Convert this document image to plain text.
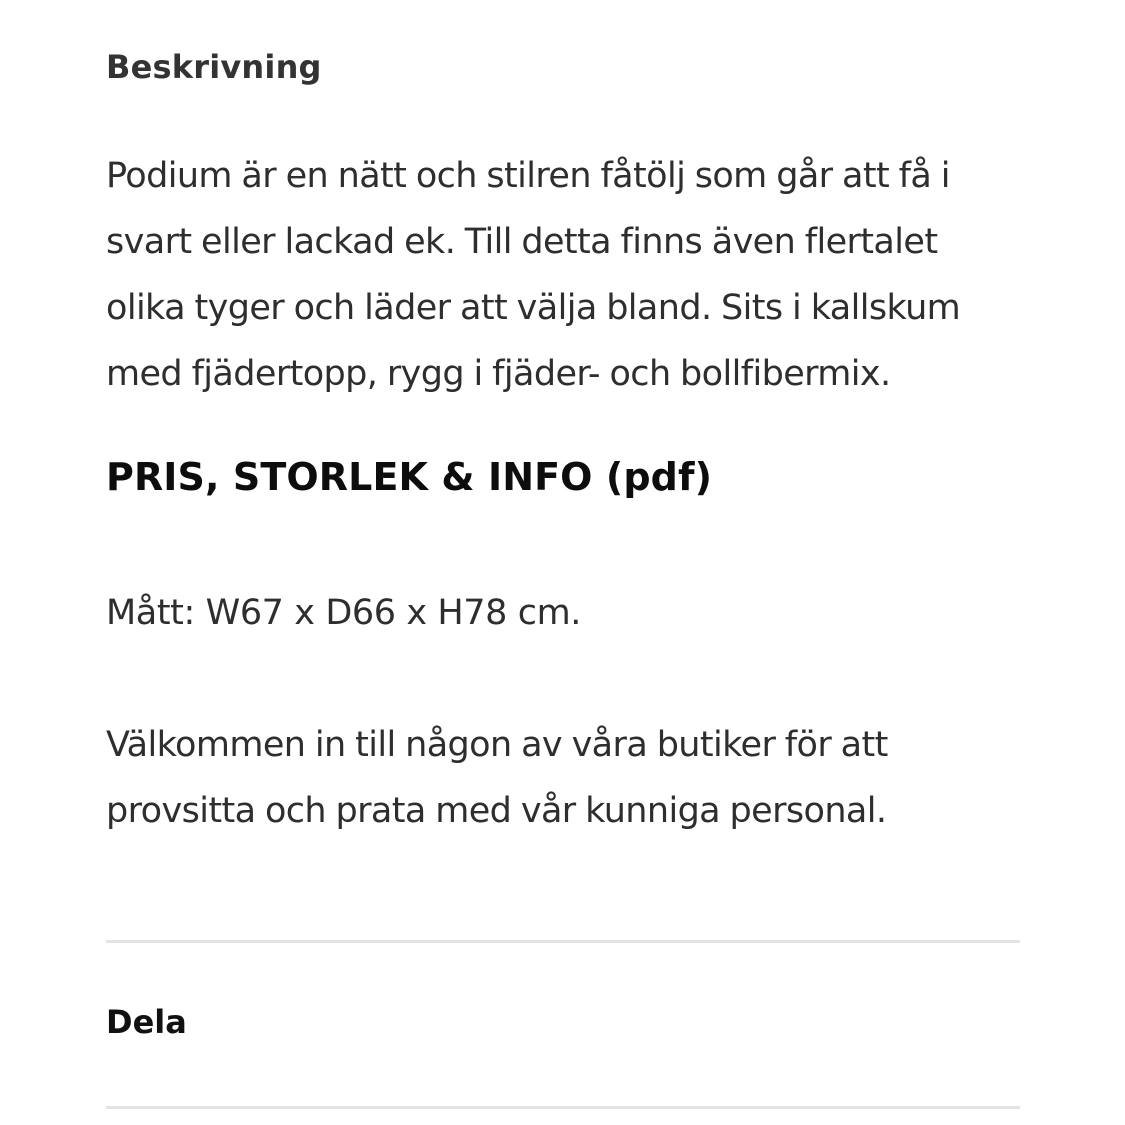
Beskrivning

Podium är en nätt och stilren fåtölj som går att få i svart eller lackad ek. Till detta finns även flertalet olika tyger och läder att välja bland. Sits i kallskum med fjädertopp, rygg i fjäder- och bollfibermix.

PRIS, STORLEK & INFO (pdf)

Mått: W67 x D66 x H78 cm.

Välkommen in till någon av våra butiker för att provsitta och prata med vår kunniga personal.

Dela
